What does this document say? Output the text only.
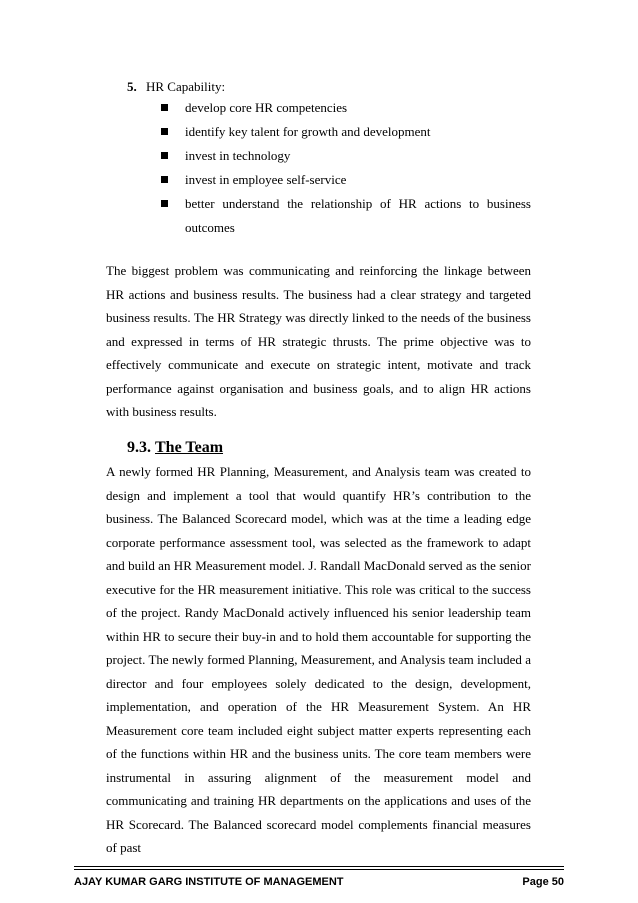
5. HR Capability:
develop core HR competencies
identify key talent for growth and development
invest in technology
invest in employee self-service
better understand the relationship of HR actions to business
outcomes

The biggest problem was communicating and reinforcing the linkage between HR actions and business results. The business had a clear strategy and targeted business results. The HR Strategy was directly linked to the needs of the business and expressed in terms of HR strategic thrusts. The prime objective was to effectively communicate and execute on strategic intent, motivate and track performance against organisation and business goals, and to align HR actions with business results.

9.3. The Team

A newly formed HR Planning, Measurement, and Analysis team was created to design and implement a tool that would quantify HR’s contribution to the business. The Balanced Scorecard model, which was at the time a leading edge corporate performance assessment tool, was selected as the framework to adapt and build an HR Measurement model. J. Randall MacDonald served as the senior executive for the HR measurement initiative. This role was critical to the success of the project. Randy MacDonald actively influenced his senior leadership team within HR to secure their buy-in and to hold them accountable for supporting the project. The newly formed Planning, Measurement, and Analysis team included a director and four employees solely dedicated to the design, development, implementation, and operation of the HR Measurement System. An HR Measurement core team included eight subject matter experts representing each of the functions within HR and the business units. The core team members were instrumental in assuring alignment of the measurement model and communicating and training HR departments on the applications and uses of the HR Scorecard. The Balanced scorecard model complements financial measures of past

AJAY KUMAR GARG INSTITUTE OF MANAGEMENT	Page 50
